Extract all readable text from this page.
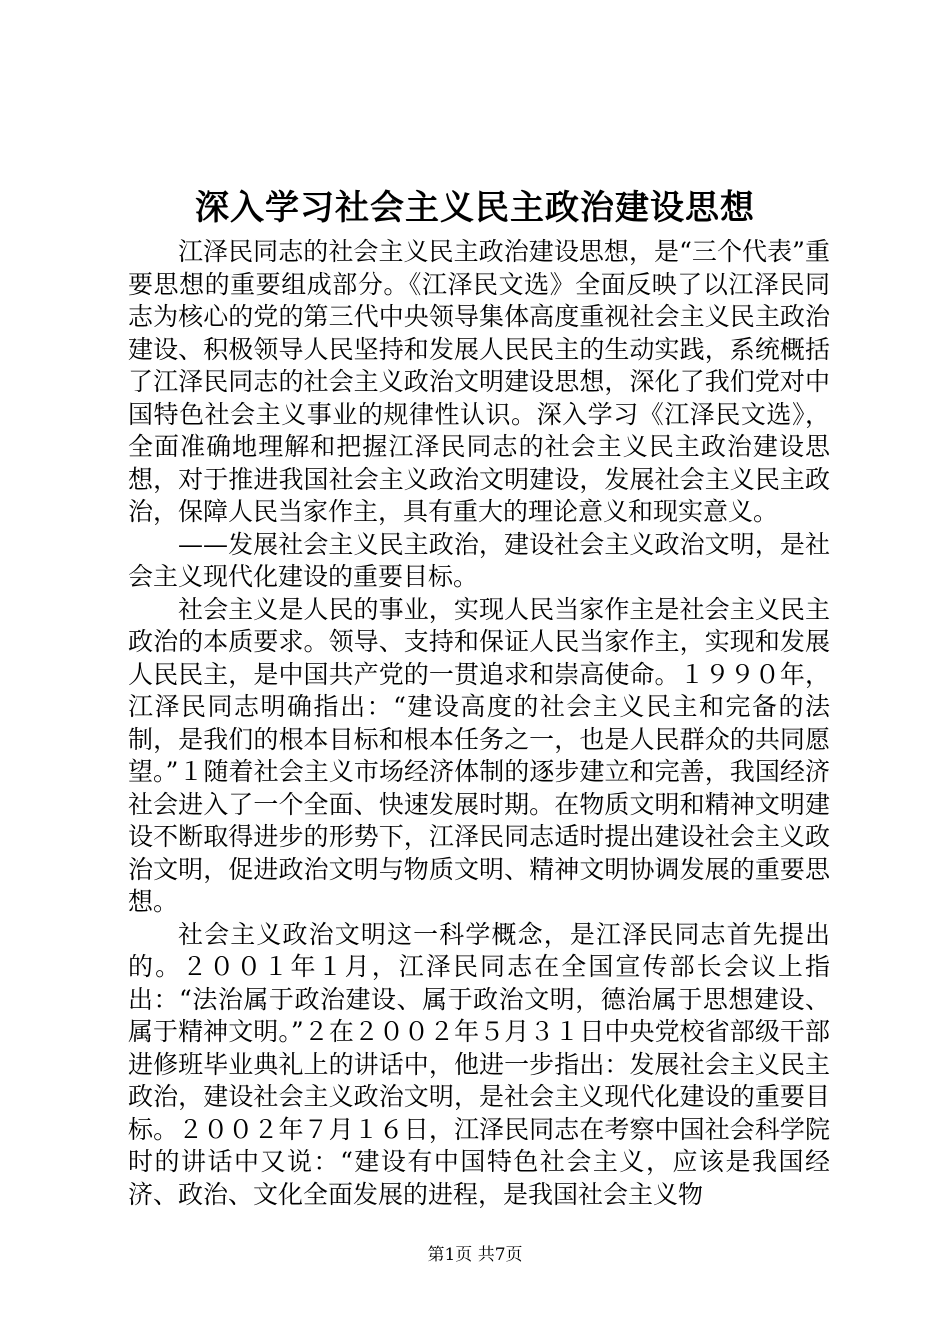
深入学习社会主义民主政治建设思想

江泽民同志的社会主义民主政治建设思想，是“三个代表”重要思想的重要组成部分。《江泽民文选》全面反映了以江泽民同志为核心的党的第三代中央领导集体高度重视社会主义民主政治建设、积极领导人民坚持和发展人民民主的生动实践，系统概括了江泽民同志的社会主义政治文明建设思想，深化了我们党对中国特色社会主义事业的规律性认识。深入学习《江泽民文选》，全面准确地理解和把握江泽民同志的社会主义民主政治建设思想，对于推进我国社会主义政治文明建设，发展社会主义民主政治，保障人民当家作主，具有重大的理论意义和现实意义。

——发展社会主义民主政治，建设社会主义政治文明，是社会主义现代化建设的重要目标。

社会主义是人民的事业，实现人民当家作主是社会主义民主政治的本质要求。领导、支持和保证人民当家作主，实现和发展人民民主，是中国共产党的一贯追求和崇高使命。１９９０年，江泽民同志明确指出：“建设高度的社会主义民主和完备的法制，是我们的根本目标和根本任务之一，也是人民群众的共同愿望。”１随着社会主义市场经济体制的逐步建立和完善，我国经济社会进入了一个全面、快速发展时期。在物质文明和精神文明建设不断取得进步的形势下，江泽民同志适时提出建设社会主义政治文明，促进政治文明与物质文明、精神文明协调发展的重要思想。

社会主义政治文明这一科学概念，是江泽民同志首先提出的。２００１年１月，江泽民同志在全国宣传部长会议上指出：“法治属于政治建设、属于政治文明，德治属于思想建设、属于精神文明。”２在２００２年５月３１日中央党校省部级干部进修班毕业典礼上的讲话中，他进一步指出：发展社会主义民主政治，建设社会主义政治文明，是社会主义现代化建设的重要目标。２００２年７月１６日，江泽民同志在考察中国社会科学院时的讲话中又说：“建设有中国特色社会主义，应该是我国经济、政治、文化全面发展的进程，是我国社会主义物

第1页 共7页
